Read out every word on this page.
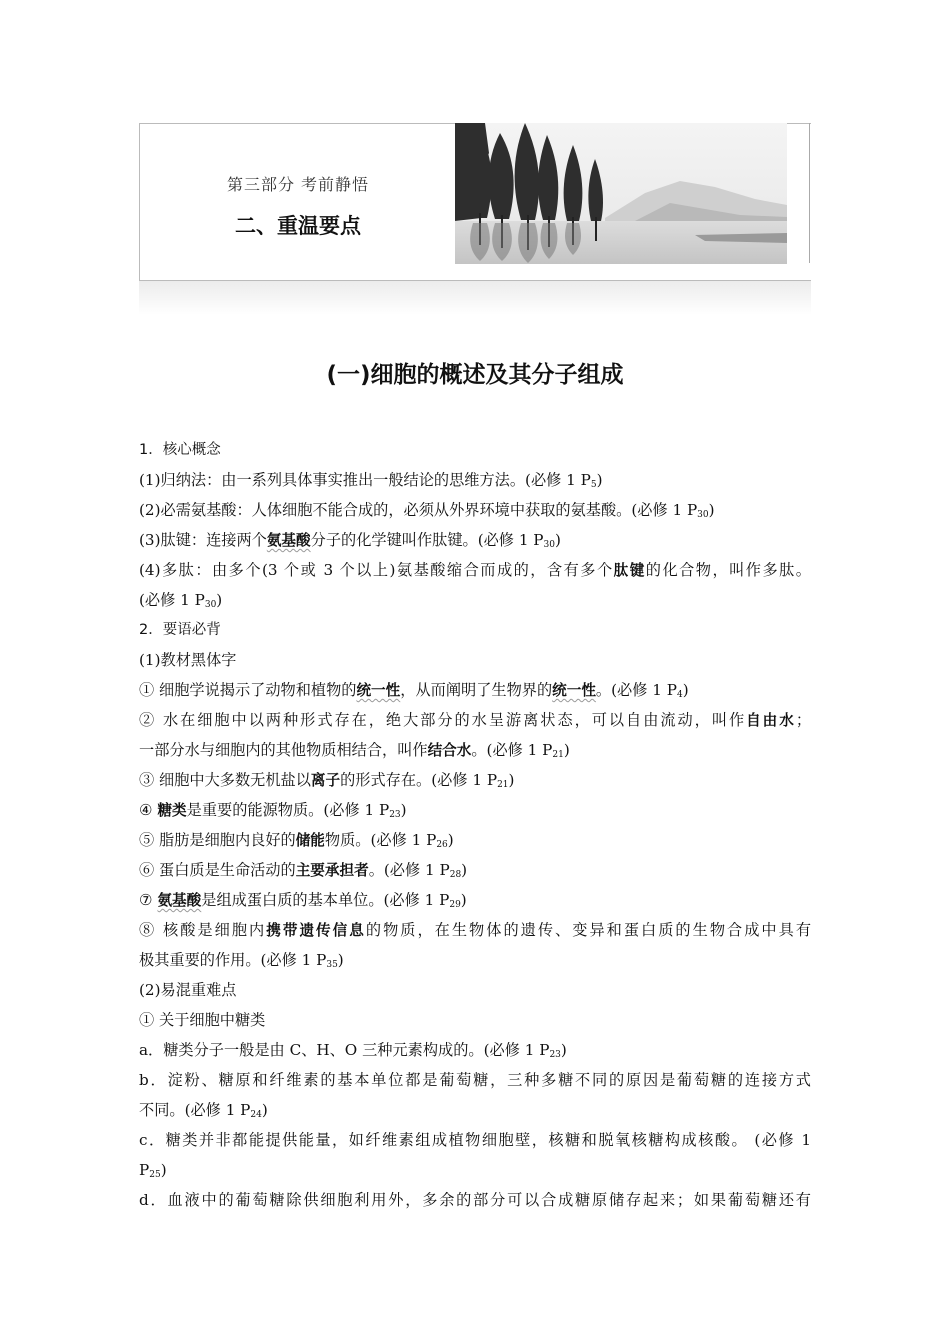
第三部分 考前静悟
二、重温要点
(一)细胞的概述及其分子组成
1．核心概念
(1)归纳法：由一系列具体事实推出一般结论的思维方法。(必修 1 $P_5$)
(2)必需氨基酸：人体细胞不能合成的，必须从外界环境中获取的氨基酸。(必修 1 $P_{30}$)
(3)肽键：连接两个氨基酸分子的化学键叫作肽键。(必修 1 $P_{30}$)
(4)多肽：由多个(3 个或 3 个以上)氨基酸缩合而成的，含有多个肽键的化合物，叫作多肽。
(必修 1 $P_{30}$)
2．要语必背
(1)教材黑体字
① 细胞学说揭示了动物和植物的统一性，从而阐明了生物界的统一性。(必修 1 $P_4$)
② 水在细胞中以两种形式存在，绝大部分的水呈游离状态，可以自由流动，叫作自由水；
一部分水与细胞内的其他物质相结合，叫作结合水。(必修 1 $P_{21}$)
③ 细胞中大多数无机盐以离子的形式存在。(必修 1 $P_{21}$)
④ 糖类是重要的能源物质。(必修 1 $P_{23}$)
⑤ 脂肪是细胞内良好的储能物质。(必修 1 $P_{26}$)
⑥ 蛋白质是生命活动的主要承担者。(必修 1 $P_{28}$)
⑦ 氨基酸是组成蛋白质的基本单位。(必修 1 $P_{29}$)
⑧ 核酸是细胞内携带遗传信息的物质，在生物体的遗传、变异和蛋白质的生物合成中具有
极其重要的作用。(必修 1 $P_{35}$)
(2)易混重难点
① 关于细胞中糖类
a．糖类分子一般是由 C、H、O 三种元素构成的。(必修 1 $P_{23}$)
b．淀粉、糖原和纤维素的基本单位都是葡萄糖，三种多糖不同的原因是葡萄糖的连接方式
不同。(必修 1 $P_{24}$)
c．糖类并非都能提供能量，如纤维素组成植物细胞壁，核糖和脱氧核糖构成核酸。 (必修 1
$P_{25}$)
d．血液中的葡萄糖除供细胞利用外，多余的部分可以合成糖原储存起来；如果葡萄糖还有
